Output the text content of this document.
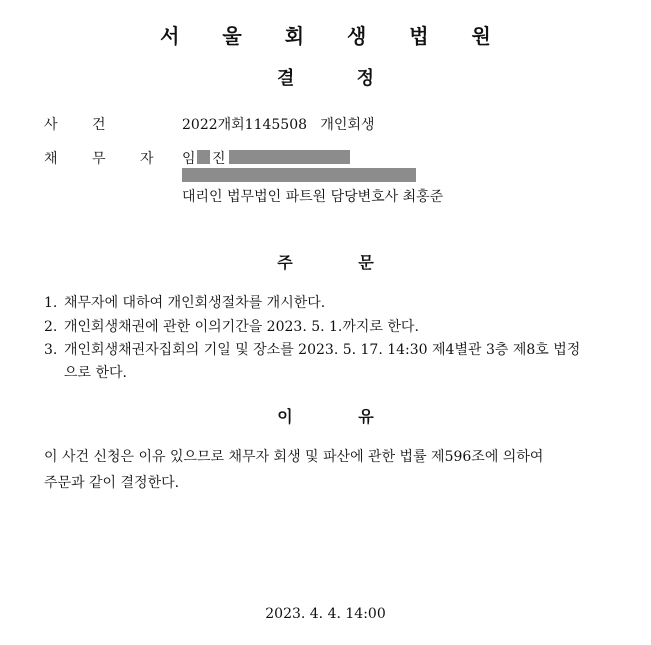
서 울 회 생 법 원
결 정
사 건	2022개회1145508 개인회생
채 무 자 임 진
대리인 법무법인 파트원 담당변호사 최홍준
주 문
1. 채무자에 대하여 개인회생절차를 개시한다.
2. 개인회생채권에 관한 이의기간을 2023. 5. 1.까지로 한다.
3. 개인회생채권자집회의 기일 및 장소를 2023. 5. 17. 14:30 제4별관 3층 제8호 법정
으로 한다.
이 유
이 사건 신청은 이유 있으므로 채무자 회생 및 파산에 관한 법률 제596조에 의하여
주문과 같이 결정한다.
2023. 4. 4. 14:00
